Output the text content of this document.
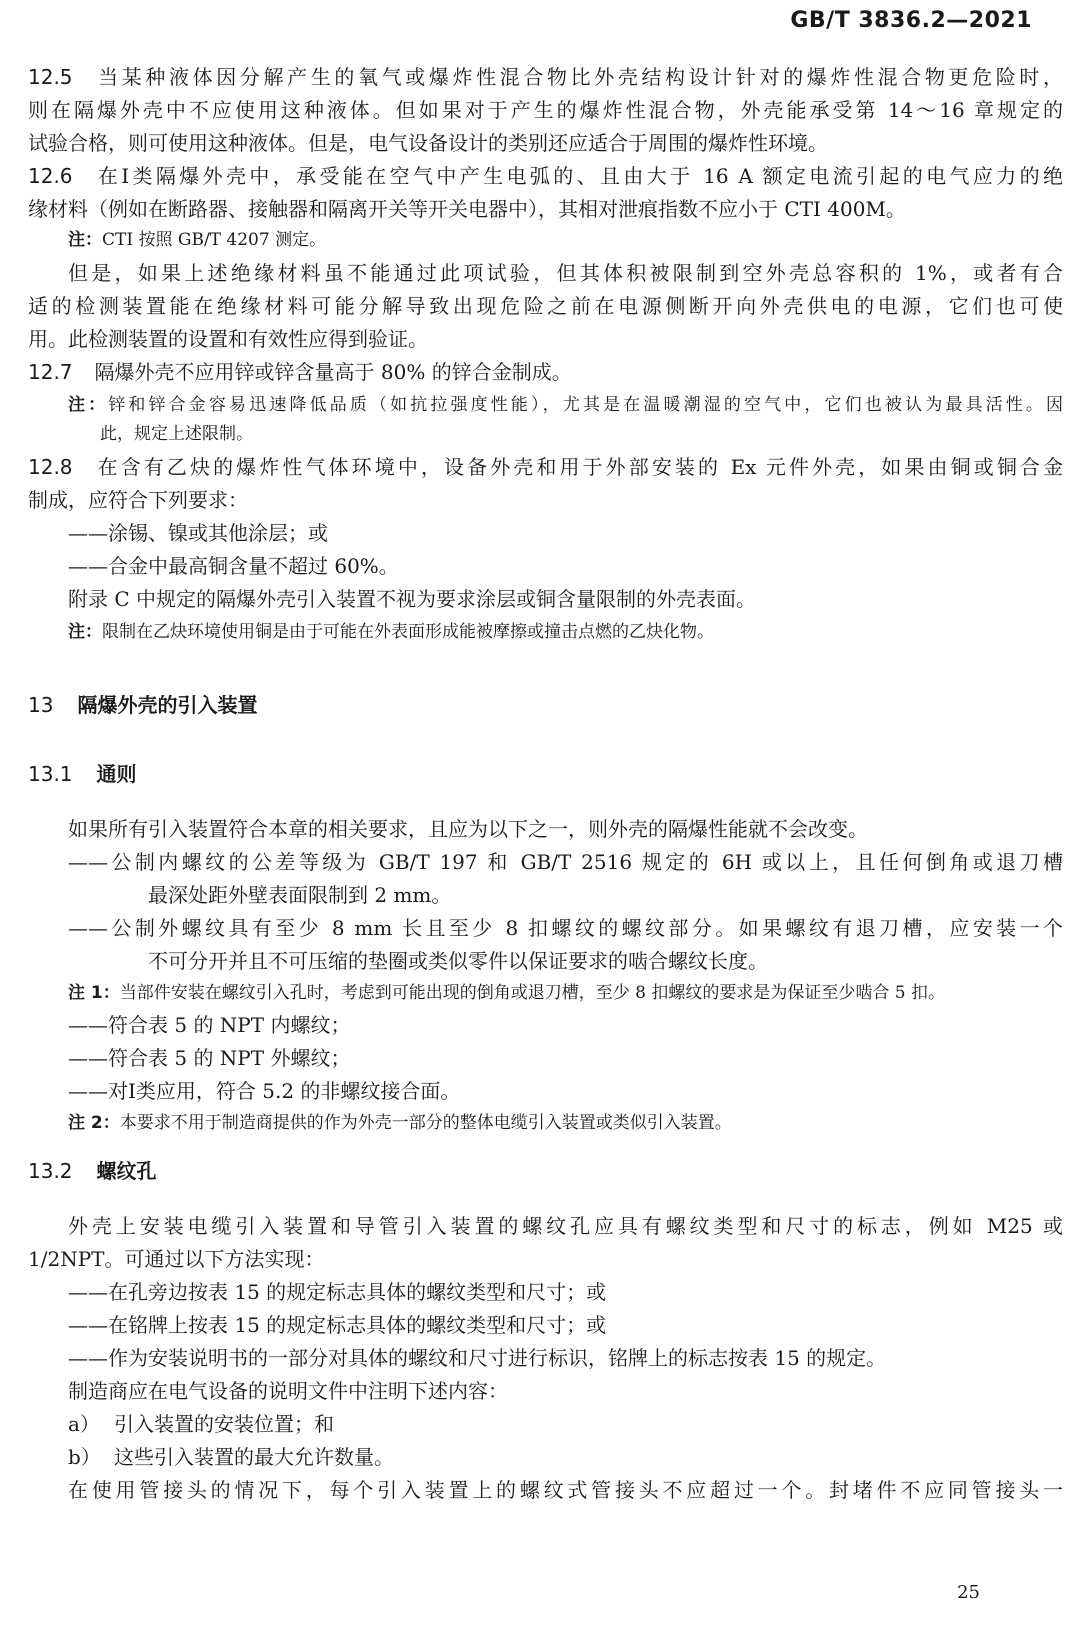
GB/T 3836.2—2021
12.5 当某种液体因分解产生的氧气或爆炸性混合物比外壳结构设计针对的爆炸性混合物更危险时，
则在隔爆外壳中不应使用这种液体。但如果对于产生的爆炸性混合物，外壳能承受第 14～16 章规定的
试验合格，则可使用这种液体。但是，电气设备设计的类别还应适合于周围的爆炸性环境。
12.6 在Ⅰ类隔爆外壳中，承受能在空气中产生电弧的、且由大于 16 A 额定电流引起的电气应力的绝
缘材料（例如在断路器、接触器和隔离开关等开关电器中），其相对泄痕指数不应小于 CTI 400M。
注：CTI 按照 GB/T 4207 测定。
但是，如果上述绝缘材料虽不能通过此项试验，但其体积被限制到空外壳总容积的 1%，或者有合
适的检测装置能在绝缘材料可能分解导致出现危险之前在电源侧断开向外壳供电的电源，它们也可使
用。此检测装置的设置和有效性应得到验证。
12.7 隔爆外壳不应用锌或锌含量高于 80% 的锌合金制成。
注：锌和锌合金容易迅速降低品质（如抗拉强度性能），尤其是在温暖潮湿的空气中，它们也被认为最具活性。因
此，规定上述限制。
12.8 在含有乙炔的爆炸性气体环境中，设备外壳和用于外部安装的 Ex 元件外壳，如果由铜或铜合金
制成，应符合下列要求：
——涂锡、镍或其他涂层；或
——合金中最高铜含量不超过 60%。
附录 C 中规定的隔爆外壳引入装置不视为要求涂层或铜含量限制的外壳表面。
注：限制在乙炔环境使用铜是由于可能在外表面形成能被摩擦或撞击点燃的乙炔化物。
13 隔爆外壳的引入装置
13.1 通则
如果所有引入装置符合本章的相关要求，且应为以下之一，则外壳的隔爆性能就不会改变。
——公制内螺纹的公差等级为 GB/T 197 和 GB/T 2516 规定的 6H 或以上，且任何倒角或退刀槽
最深处距外壁表面限制到 2 mm。
——公制外螺纹具有至少 8 mm 长且至少 8 扣螺纹的螺纹部分。如果螺纹有退刀槽，应安装一个
不可分开并且不可压缩的垫圈或类似零件以保证要求的啮合螺纹长度。
注 1：当部件安装在螺纹引入孔时，考虑到可能出现的倒角或退刀槽，至少 8 扣螺纹的要求是为保证至少啮合 5 扣。
——符合表 5 的 NPT 内螺纹；
——符合表 5 的 NPT 外螺纹；
——对Ⅰ类应用，符合 5.2 的非螺纹接合面。
注 2：本要求不用于制造商提供的作为外壳一部分的整体电缆引入装置或类似引入装置。
13.2 螺纹孔
外壳上安装电缆引入装置和导管引入装置的螺纹孔应具有螺纹类型和尺寸的标志，例如 M25 或
1/2NPT。可通过以下方法实现：
——在孔旁边按表 15 的规定标志具体的螺纹类型和尺寸；或
——在铭牌上按表 15 的规定标志具体的螺纹类型和尺寸；或
——作为安装说明书的一部分对具体的螺纹和尺寸进行标识，铭牌上的标志按表 15 的规定。
制造商应在电气设备的说明文件中注明下述内容：
a） 引入装置的安装位置；和
b） 这些引入装置的最大允许数量。
在使用管接头的情况下，每个引入装置上的螺纹式管接头不应超过一个。封堵件不应同管接头一
25
